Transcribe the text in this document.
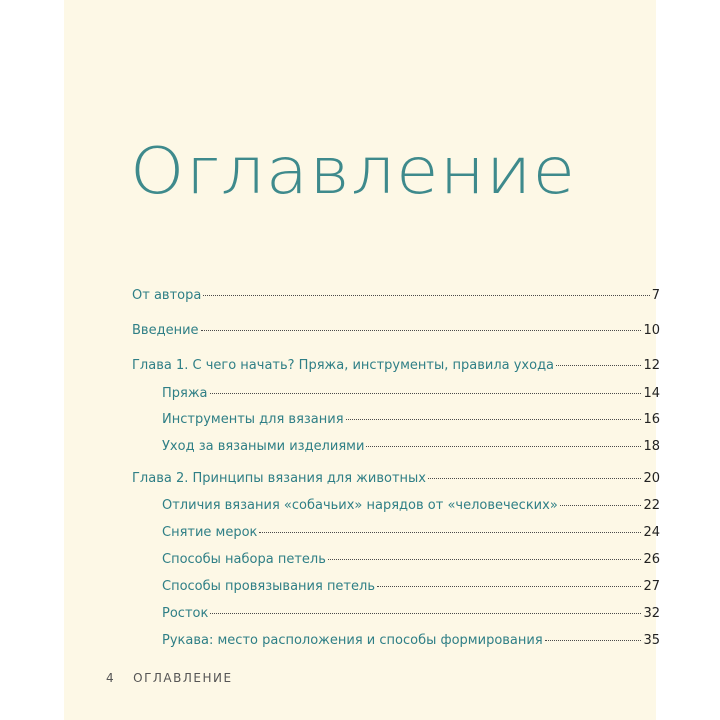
Оглавление
От автора	7
Введение	10
Глава 1. С чего начать? Пряжа, инструменты, правила ухода	12
Пряжа	14
Инструменты для вязания	16
Уход за вязаными изделиями	18
Глава 2. Принципы вязания для животных	20
Отличия вязания «собачьих» нарядов от «человеческих»	22
Снятие мерок	24
Способы набора петель	26
Способы провязывания петель	27
Росток	32
Рукава: место расположения и способы формирования	35
4 ОГЛАВЛЕНИЕ
